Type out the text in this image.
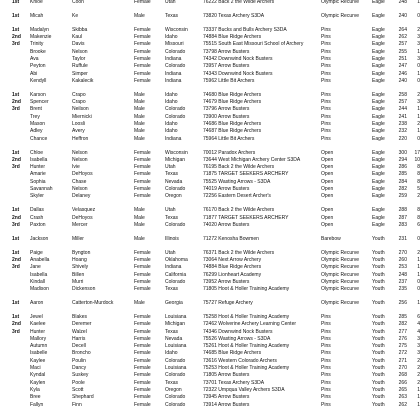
1st	Khloe	Coon	Female	Utah	76222 Back 2 the Wilde Archers	Olympic Recurve	Eagle	248	1
1st	Micah	Ke	Male	Texas	73820 Texas Archery S3DA	Olympic Recurve	Eagle	240	0
1st	Madalyn	Skibba	Female	Wisconsin	73337 Bucks and Bulls Archery S3DA	Pins	Eagle	264	2
2nd	Makenzie	Kaul	Female	Idaho	74884 Blue Ridge Archers	Pins	Eagle	262	3
3rd	Trinity	Davis	Female	Missouri	75515 South East Missouri School of Archery	Pins	Eagle	257	3
Brooke	Nelson	Female	Colorado	73798 Arrow Busters	Pins	Eagle	255	1
Ava	Taylor	Female	Indiana	74342 Downwind Nock Busters	Pins	Eagle	251	3
Peyton	Ruffule	Female	Colorado	73957 Arrow Busters	Pins	Eagle	247	0
Abi	Simper	Female	Indiana	74343 Downwind Nock Busters	Pins	Eagle	246	1
Kendyll	Kakalecik	Female	Indiana	75962 Little Bit Archers	Pins	Eagle	240	0
1st	Karson	Crapo	Male	Idaho	74680 Blue Ridge Archers	Pins	Eagle	258	2
2nd	Spencer	Crapo	Male	Idaho	74679 Blue Ridge Archers	Pins	Eagle	257	3
3rd	Brent	Neilson	Male	Colorado	73796 Arrow Busters	Pins	Eagle	244	1
Trey	Miernicki	Male	Colorado	73900 Arrow Busters	Pins	Eagle	241	1
Mason	Loosli	Male	Idaho	74686 Blue Ridge Archers	Pins	Eagle	238	2
Adley	Avery	Male	Idaho	74687 Blue Ridge Archers	Pins	Eagle	232	1
Chance	Heffron	Male	Indiana	75964 Little Bit Archers	Pins	Eagle	220	0
1st	Chloe	Nelson	Female	Wisconsin	70012 Paradox Archers	Open	Eagle	300	17
2nd	Isabella	Nelson	Female	Michigan	73644 West Michigan Archery Center S3DA	Open	Eagle	294	10
3rd	Hunter	Ivie	Female	Utah	76195 Back 2 the Wilde Archers	Open	Eagle	286	8
Amarie	DeHoyos	Female	Texas	71875 TARGET SEEKERS ARCHERY	Open	Eagle	285	8
Sophia	Chase	Female	Nevada	75525 Wasting Arrows - S3DA	Open	Eagle	284	8
Savannah	Nelson	Female	Colorado	74019 Arrow Busters	Open	Eagle	282	5
Skyler	Delaney	Female	Oregon	72256 Eastern Desert Archer's	Open	Eagle	259	2
1st	Dallas	Velasquez	Male	Utah	76170 Back 2 the Wilde Archers	Open	Eagle	288	8
2nd	Crash	DeHoyos	Male	Texas	71877 TARGET SEEKERS ARCHERY	Open	Eagle	287	8
3rd	Paxton	Mercer	Male	Colorado	74020 Arrow Busters	Open	Eagle	283	6
1st	Jackson	Miller	Male	Illinois	71272 Kenosha Bowmen	Barebow	Youth	231	0
1st	Paige	Byngton	Female	Utah	76371 Back 2 the Wilde Archers	Olympic Recurve	Youth	270	2
2nd	Anabella	Hoang	Female	Oklahoma	73064 Next Arrow Archery	Olympic Recurve	Youth	260	1
3rd	Jane	Shively	Female	Indiana	74884 Blue Ridge Archers	Olympic Recurve	Youth	253	1
Isabella	Billen	Female	California	76299 Lionheart Academy	Olympic Recurve	Youth	248	1
Kindall	Murri	Female	Colorado	73952 Arrow Busters	Olympic Recurve	Youth	237	0
Madison	Dickenson	Female	Texas	71805 Hoot & Holler Training Academy	Olympic Recurve	Youth	235	0
1st	Aaron	Catterton-Murdock	Male	Georgia	75727 Refuge Archery	Olympic Recurve	Youth	256	1
1st	Jewel	Blakes	Female	Louisiana	75258 Hoot & Holler Training Academy	Pins	Youth	285	6
2nd	Kaelee	Deremer	Female	Michigan	72462 Wolverine Archery Learning Center	Pins	Youth	282	4
3rd	Hunter	Walzel	Female	Texas	74346 Downwind Nock Busters	Pins	Youth	277	4
Mallory	Harris	Female	Nevada	75526 Wasting Arrows - S3DA	Pins	Youth	276	3
Autumn	Decell	Female	Louisiana	75261 Hoot & Holler Training Academy	Pins	Youth	275	3
Isabelle	Broncho	Female	Idaho	74685 Blue Ridge Archers	Pins	Youth	272	3
Kaylee	Poulin	Female	Colorado	73616 Western Colorado Archers	Pins	Youth	271	2
Maci	Dancy	Female	Louisiana	75253 Hoot & Holler Training Academy	Pins	Youth	270	2
Kyndal	Suskey	Female	Colorado	71805 Arrow Busters	Pins	Youth	268	2
Kaylen	Poole	Female	Texas	73701 Texas Archery S3DA	Pins	Youth	266	2
Kyla	Scott	Female	Oregon	72322 Umpqua Valley Archers S3DA	Pins	Youth	265	1
Bree	Shephard	Female	Colorado	73945 Arrow Busters	Pins	Youth	263	1
Fallyn	Finn	Female	Colorado	73914 Arrow Busters	Pins	Youth	262	1
